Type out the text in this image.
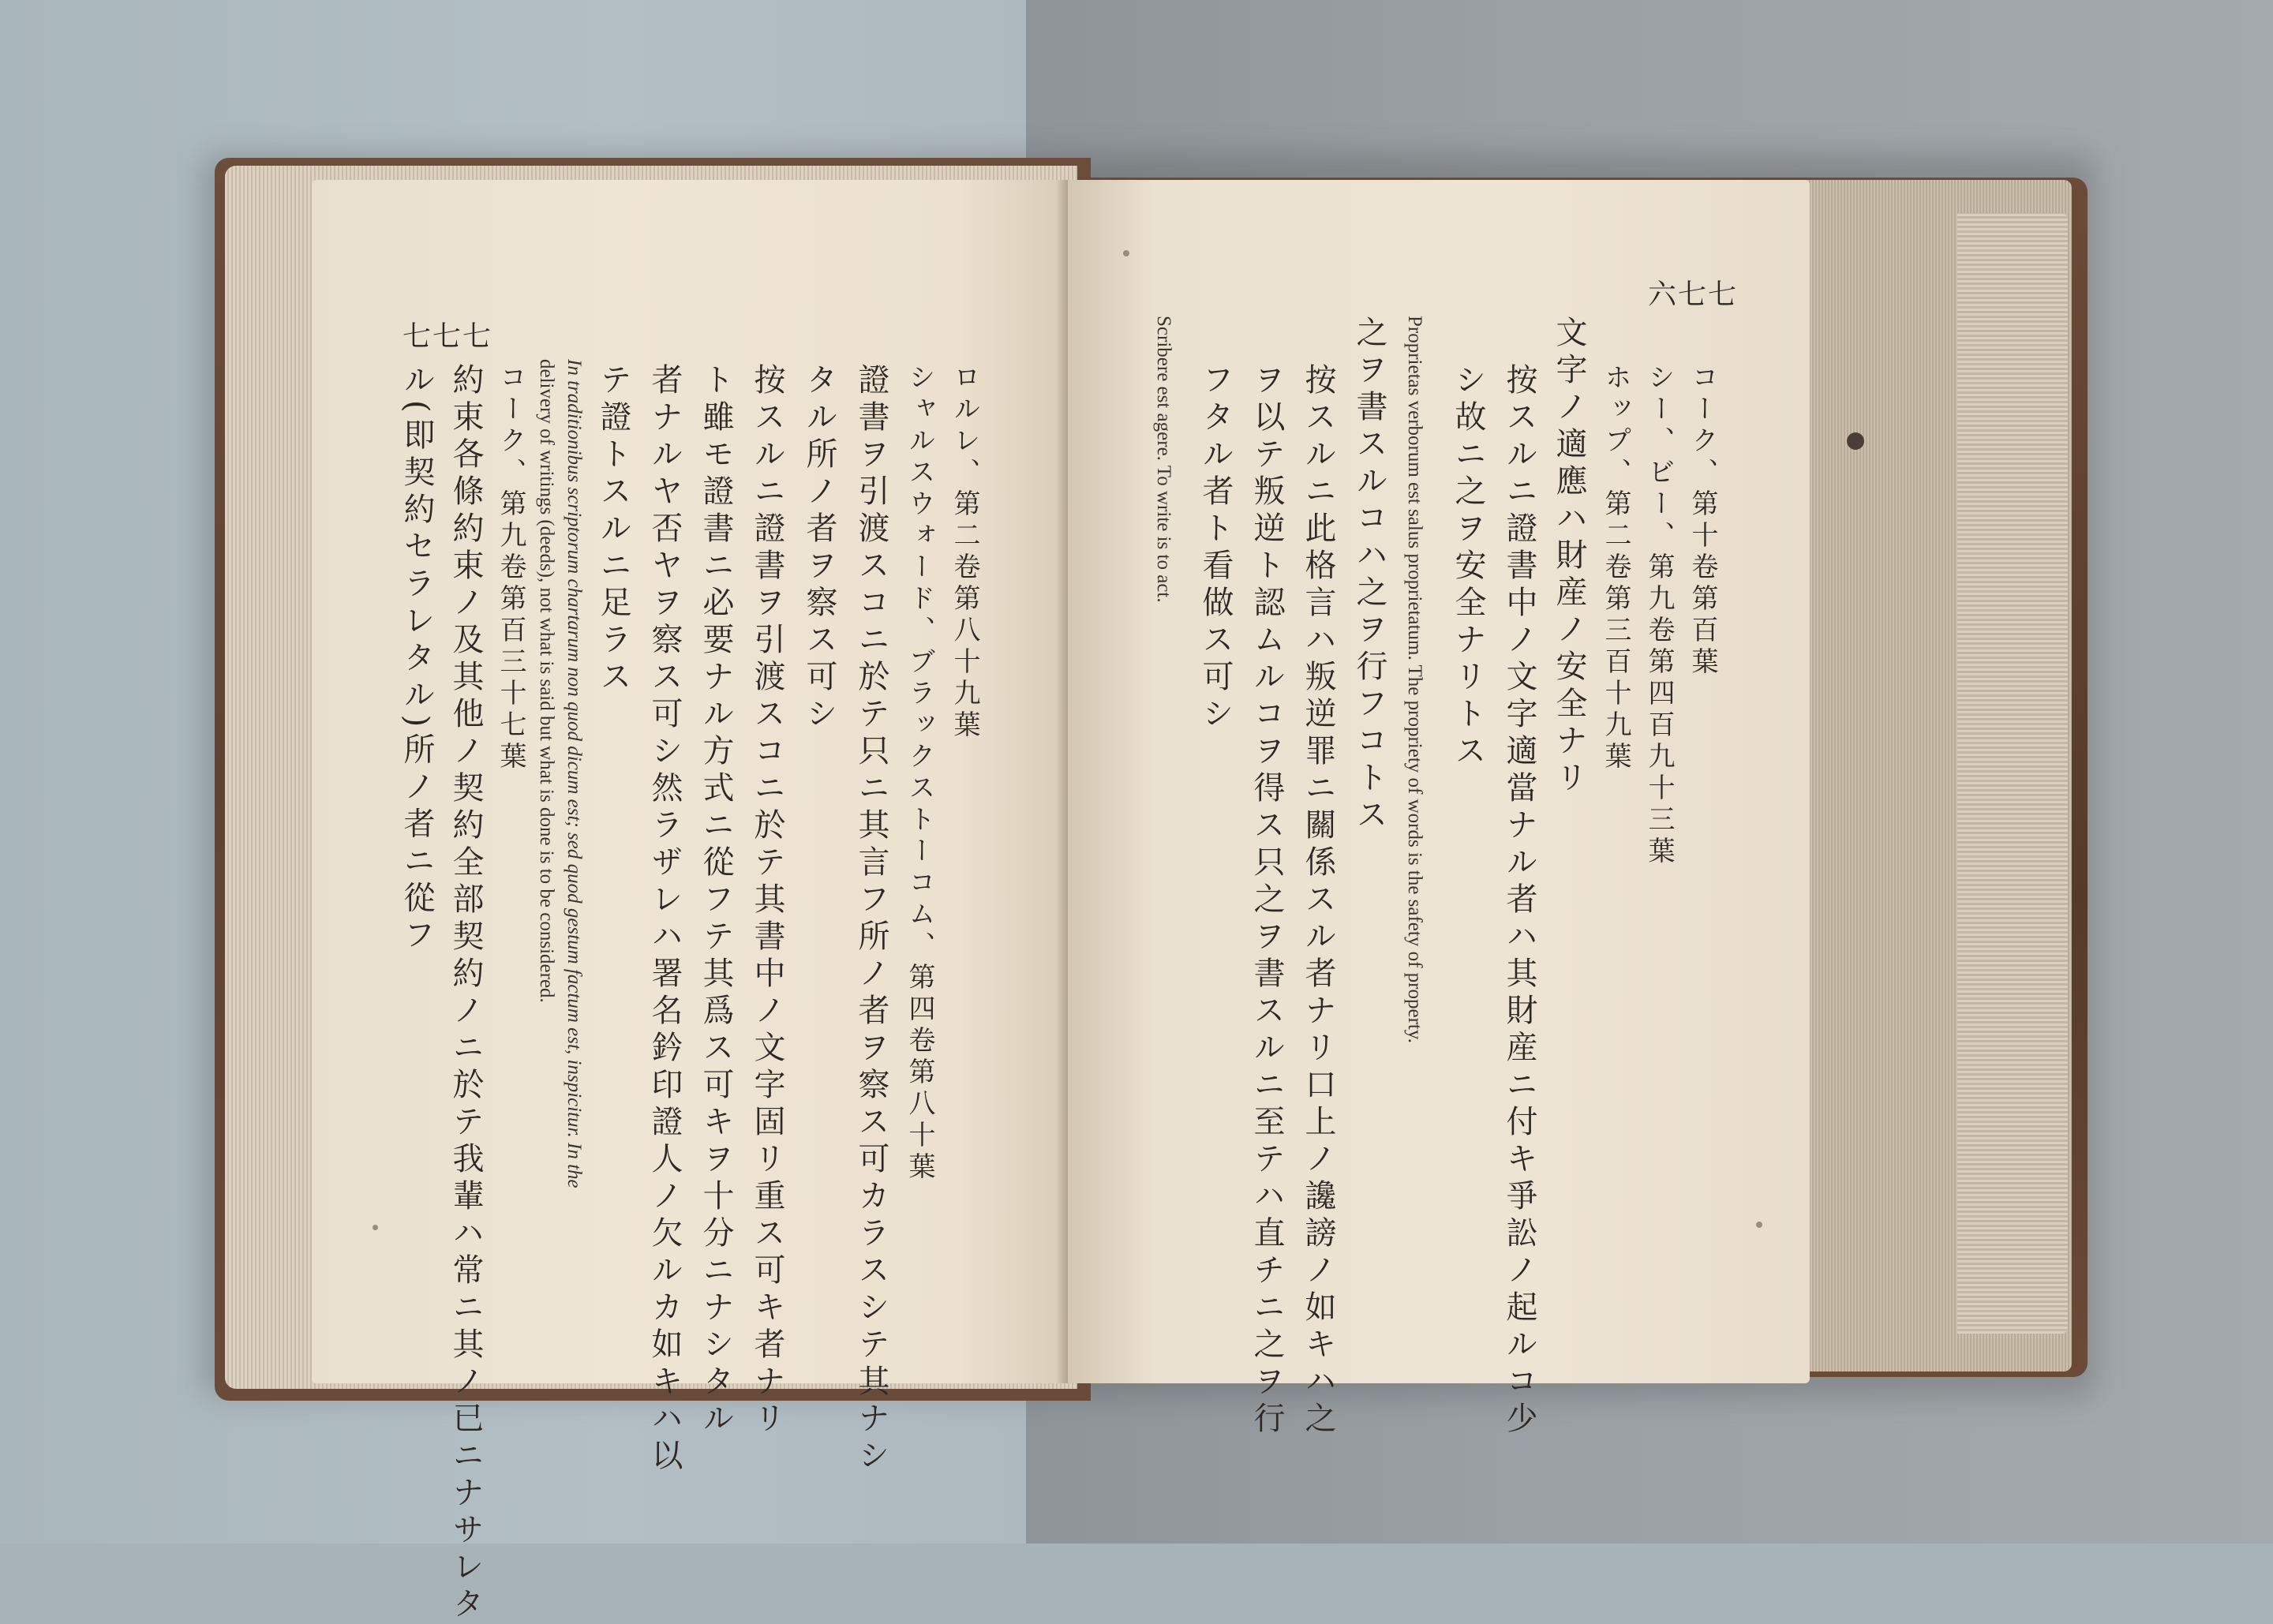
七七七
ロルレ、第二卷第八十九葉
シャルスウォード、ブラックストーコム、第四卷第八十葉
證書ヲ引渡スコニ於テ只ニ其言フ所ノ者ヲ察ス可カラスシテ其ナシ
タル所ノ者ヲ察ス可シ
按スルニ證書ヲ引渡スコニ於テ其書中ノ文字固リ重ス可キ者ナリ
ト雖モ證書ニ必要ナル方式ニ從フテ其爲ス可キヲ十分ニナシタル
者ナルヤ否ヤヲ察ス可シ然ラザレハ署名鈐印證人ノ欠ルカ如キハ以
テ證トスルニ足ラス
In traditionibus scriptorum chartarum non quod dicum est; sed quod gestum factum est, inspicitur. In the
delivery of writings (deeds), not what is said but what is done is to be considered.
コーク、第九卷第百三十七葉
約束各條約束ノ及其他ノ契約全部契約ノニ於テ我輩ハ常ニ其ノ已ニナサレタ
ル(即契約セラレタル)所ノ者ニ從フ
六七七
コーク、第十卷第百葉
シー、ビー、第九卷第四百九十三葉
ホップ、第二卷第三百十九葉
文字ノ適應ハ財産ノ安全ナリ
按スルニ證書中ノ文字適當ナル者ハ其財産ニ付キ爭訟ノ起ルコ少
シ故ニ之ヲ安全ナリトス
Proprietas verborum est salus proprietatum. The propriety of words is the safety of property.
之ヲ書スルコハ之ヲ行フコトス
按スルニ此格言ハ叛逆罪ニ關係スル者ナリ口上ノ讒謗ノ如キハ之
ヲ以テ叛逆ト認ムルコヲ得ス只之ヲ書スルニ至テハ直チニ之ヲ行
フタル者ト看做ス可シ
Scribere est agere. To write is to act.
